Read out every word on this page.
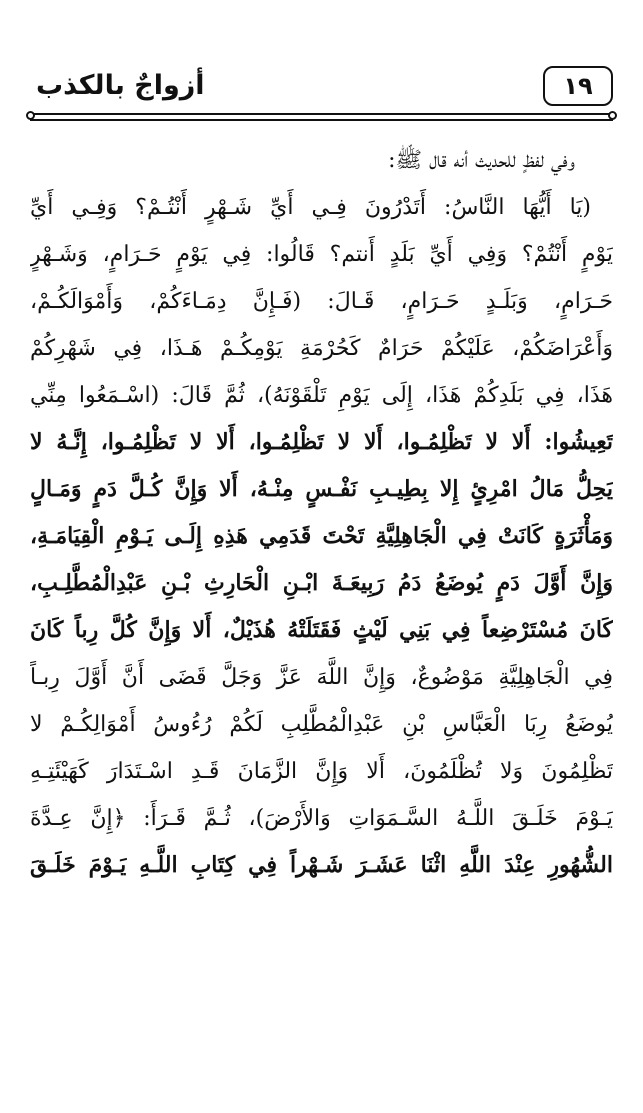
١٩
أزواجٌ بالكذب
وفي لفظٍ للحديث أنه قال ﷺ:
(يَا أَيُّهَا النَّاسُ: أَتَدْرُونَ فِـي أَيِّ شَـهْرٍ أَنْتُـمْ؟ وَفِـي أَيِّ
يَوْمٍ أَنْتُمْ؟ وَفِي أَيِّ بَلَدٍ أَنتم؟ قَالُوا: فِي يَوْمٍ حَـرَامٍ، وَشَـهْرٍ
حَـرَامٍ، وَبَلَـدٍ حَـرَامٍ، قَـالَ: (فَـإِنَّ دِمَـاءَكُمْ، وَأَمْوَالَكُـمْ،
وَأَعْرَاضَكُمْ، عَلَيْكُمْ حَرَامٌ كَحُرْمَةِ يَوْمِكُـمْ هَـذَا، فِي شَهْرِكُمْ
هَذَا، فِي بَلَدِكُمْ هَذَا، إِلَى يَوْمِ تَلْقَوْنَهُ)، ثُمَّ قَالَ: (اسْـمَعُوا مِنِّي
تَعِيشُوا: أَلا لا تَظْلِمُـوا، أَلا لا تَظْلِمُـوا، أَلا لا تَظْلِمُـوا، إِنَّـهُ لا
يَحِلُّ مَالُ امْرِئٍ إِلا بِطِيـبِ نَفْـسٍ مِنْـهُ، أَلا وَإِنَّ كُـلَّ دَمٍ وَمَـالٍ
وَمَأْثَرَةٍ كَانَتْ فِي الْجَاهِلِيَّةِ تَحْتَ قَدَمِي هَذِهِ إِلَـى يَـوْمِ الْقِيَامَـةِ،
وَإِنَّ أَوَّلَ دَمٍ يُوضَعُ دَمُ رَبِيعَـةَ ابْـنِ الْحَارِثِ بْـنِ عَبْدِالْمُطَّلِـبِ،
كَانَ مُسْتَرْضِعاً فِي بَنِي لَيْثٍ فَقَتَلَتْهُ هُذَيْلٌ، أَلا وَإِنَّ كُلَّ رِباً كَانَ
فِي الْجَاهِلِيَّةِ مَوْضُوعٌ، وَإِنَّ اللَّهَ عَزَّ وَجَلَّ قَضَى أَنَّ أَوَّلَ رِبـاً
يُوضَعُ رِبَا الْعَبَّاسِ بْنِ عَبْدِالْمُطَّلِبِ لَكُمْ رُءُوسُ أَمْوَالِكُـمْ لا
تَظْلِمُونَ وَلا تُظْلَمُونَ، أَلا وَإِنَّ الزَّمَانَ قَـدِ اسْـتَدَارَ كَهَيْئَتِـهِ
يَـوْمَ خَلَـقَ اللَّـهُ السَّـمَوَاتِ وَالأَرْضَ)، ثُـمَّ قَـرَأَ: ﴿إِنَّ عِـدَّةَ
الشُّهُورِ عِنْدَ اللَّهِ اثْنَا عَشَـرَ شَـهْراً فِي كِتَابِ اللَّـهِ يَـوْمَ خَلَـقَ
